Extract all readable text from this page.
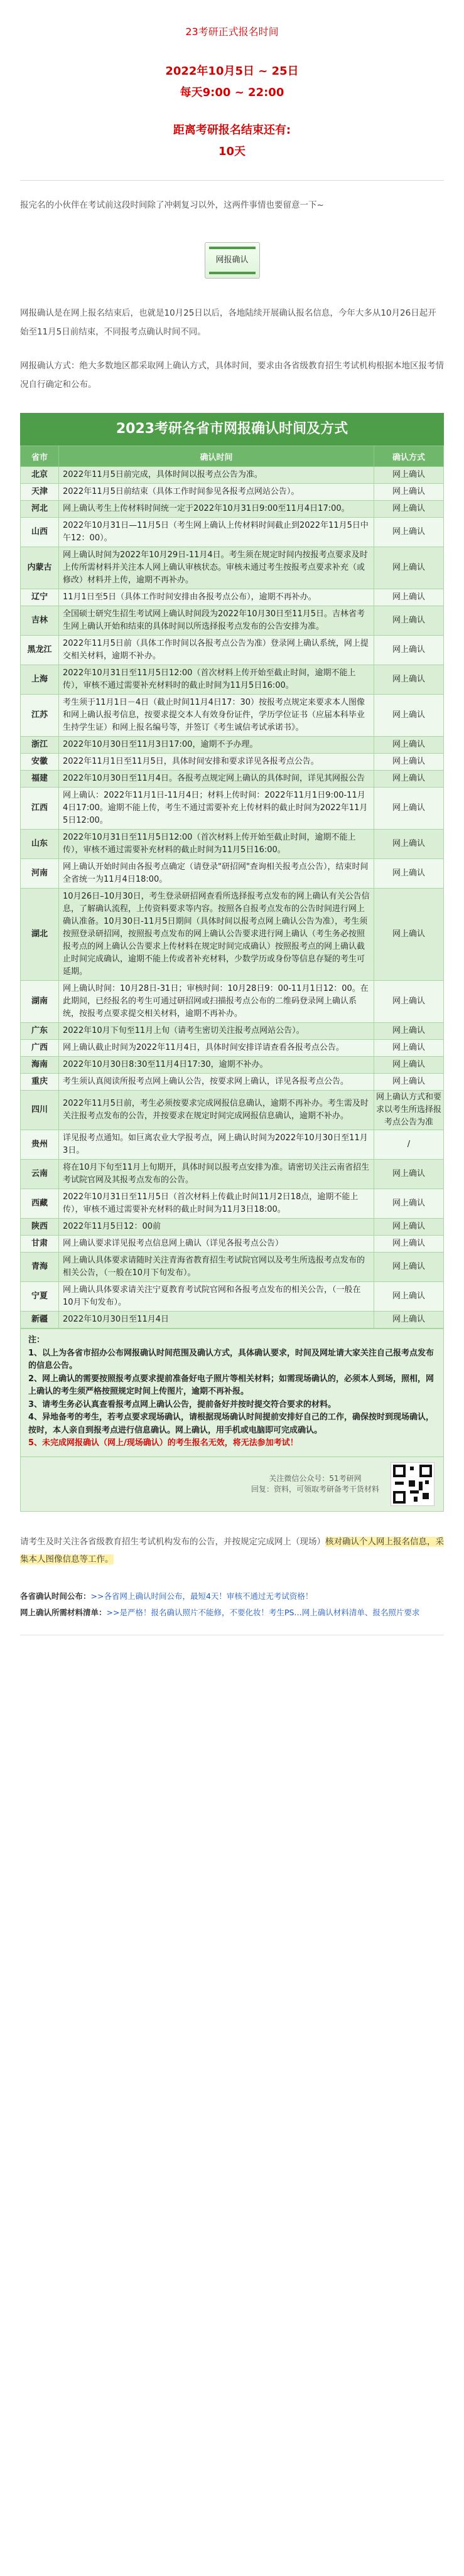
23考研正式报名时间
2022年10月5日 ~ 25日
每天9:00 ~ 22:00
距离考研报名结束还有:
10天

报完名的小伙伴在考试前这段时间除了冲刺复习以外，这两件事情也要留意一下~

网报确认

网报确认是在网上报名结束后，也就是10月25日以后，各地陆续开展确认报名信息，今年大多从10月26日起开始至11月5日前结束，不同报考点确认时间不同。

网报确认方式：绝大多数地区都采取网上确认方式，具体时间，要求由各省级教育招生考试机构根据本地区报考情况自行确定和公布。

2023考研各省市网报确认时间及方式
省市	确认时间	确认方式
北京	2022年11月5日前完成，具体时间以报考点公告为准。	网上确认
天津	2022年11月5日前结束（具体工作时间参见各报考点网站公告）。	网上确认
河北	网上确认考生上传材料时间统一定于2022年10月31日9:00至11月4日17:00。	网上确认
山西	2022年10月31日—11月5日（考生网上确认上传材料时间截止到2022年11月5日中午12：00）。	网上确认
内蒙古	网上确认时间为2022年10月29日-11月4日。考生须在规定时间内按报考点要求及时上传所需材料并关注本人网上确认审核状态。审核未通过考生按报考点要求补充（或修改）材料并上传，逾期不再补办。	网上确认
辽宁	11月1日至5日（具体工作时间安排由各报考点公布），逾期不再补办。	网上确认
吉林	全国硕士研究生招生考试网上确认时间段为2022年10月30日至11月5日。吉林省考生网上确认开始和结束的具体时间以所选择报考点发布的公告安排为准。	网上确认
黑龙江	2022年11月5日前（具体工作时间以各报考点公告为准）登录网上确认系统，网上提交相关材料，逾期不补办。	网上确认
上海	2022年10月31日至11月5日12:00（首次材料上传开始至截止时间，逾期不能上传），审核不通过需要补充材料时的截止时间为11月5日16:00。	网上确认
江苏	考生须于11月1日－4日（截止时间11月4日17：30）按报考点规定来要求本人图像和网上确认报考信息，按要求提交本人有效身份证件，学历学位证书（应届本科毕业生持学生证）和网上报名编号等，并签订《考生诚信考试承诺书》。	网上确认
浙江	2022年10月30日至11月3日17:00，逾期不予办理。	网上确认
安徽	2022年11月1日至11月5日，具体时间安排和要求详见各报考点公告。	网上确认
福建	2022年10月30日至11月4日。各报考点规定网上确认的具体时间，详见其网报公告	网上确认
江西	网上确认：2022年11月1日-11月4日；材料上传时间：2022年11月1日9:00-11月4日17:00。逾期不能上传，考生不通过需要补充上传材料的截止时间为2022年11月5日12:00。	网上确认
山东	2022年10月31日至11月5日12:00（首次材料上传开始至截止时间，逾期不能上传），审核不通过需要补充材料的截止时间为11月5日16:00。	网上确认
河南	网上确认开始时间由各报考点确定（请登录"研招网"查询相关报考点公告），结束时间全省统一为11月4日18:00。	网上确认
湖北	10月26日–10月30日，考生登录研招网查看所选择报考点发布的网上确认有关公告信息，了解确认流程，上传资料要求等内容。按照各自报考点发布的公告时间进行网上确认准备。10月30日-11月5日期间（具体时间以报考点网上确认公告为准），考生须按照登录研招网，按照报考点发布的网上确认公告要求进行网上确认（考生务必按照报考点的网上确认公告要求上传材料在规定时间完成确认）按照报考点的网上确认截止时间完成确认，逾期不能上传或者补充材料，少数学历或身份等信息存疑的考生可延期。	网上确认
湖南	网上确认时间：10月28日-31日；审核时间：10月28日9：00-11月1日12：00。在此期间，已经报名的考生可通过研招网或扫描报考点公布的二维码登录网上确认系统，按报考点要求提交相关材料，逾期不再补办。	网上确认
广东	2022年10月下旬至11月上旬（请考生密切关注报考点网站公告）。	网上确认
广西	网上确认截止时间为2022年11月4日，具体时间安排详请查看各报考点公告。	网上确认
海南	2022年10月30日8:30至11月4日17:30，逾期不补办。	网上确认
重庆	考生须认真阅读所报考点网上确认公告，按要求网上确认，详见各报考点公告。	网上确认
四川	2022年11月5日前，考生必须按要求完成网报信息确认，逾期不再补办。考生需及时关注报考点发布的公告，并按要求在规定时间完成网报信息确认，逾期不补办。	网上确认方式和要求以考生所选择报考点公告为准
贵州	详见报考点通知。如巨离农业大学报考点，网上确认时间为2022年10月30日至11月3日。	/
云南	将在10月下旬至11月上旬期开，具体时间以报考点安排为准。请密切关注云南省招生考试院官网及其报考点发布的公告。	网上确认
西藏	2022年10月31日至11月5日（首次材料上传截止时间11月2日18点，逾期不能上传），审核不通过需要补充材料的截止时间为11月3日18:00。	网上确认
陕西	2022年11月5日12：00前	网上确认
甘肃	网上确认要求详见报考点信息网上确认（详见各报考点公告）	网上确认
青海	网上确认具体要求请随时关注青海省教育招生考试院官网以及考生所选报考点发布的相关公告，（一般在10月下旬发布）。	网上确认
宁夏	网上确认具体要求请关注宁夏教育考试院官网和各报考点发布的相关公告，（一般在10月下旬发布）。	网上确认
新疆	2022年10月30日至11月4日	网上确认
注：
1、以上为各省市招办公布网报确认时间范围及确认方式，具体确认要求，时间及网址请大家关注自己报考点发布的信息公告。
2、网上确认的需要按照报考点要求提前准备好电子照片等相关材料；如需现场确认的，必须本人到场，照相，网上确认的考生须严格按照规定时间上传图片，逾期不再补报。
3、请考生务必认真查看报考点网上确认公告，提前备好并按时提交符合要求的材料。
4、异地备考的考生，若考点要求现场确认，请根据现场确认时间提前安排好自己的工作，确保按时到现场确认，按时，本人亲自到报考点进行信息确认。网上确认，用手机或电脑即可完成确认。
5、未完成网报确认（网上/现场确认）的考生报名无效，将无法参加考试！
关注微信公众号：51考研网
回复：资料，可领取考研备考干货材料

请考生及时关注各省级教育招生考试机构发布的公告，并按规定完成网上（现场）核对确认个人网上报名信息，采集本人图像信息等工作。

各省确认时间公布：>>各省网上确认时间公布，最短4天！审核不通过无考试资格！
网上确认所需材料清单：>>是严格！报名确认照片不能修，不要化妆！考生PS…网上确认材料清单、报名照片要求
